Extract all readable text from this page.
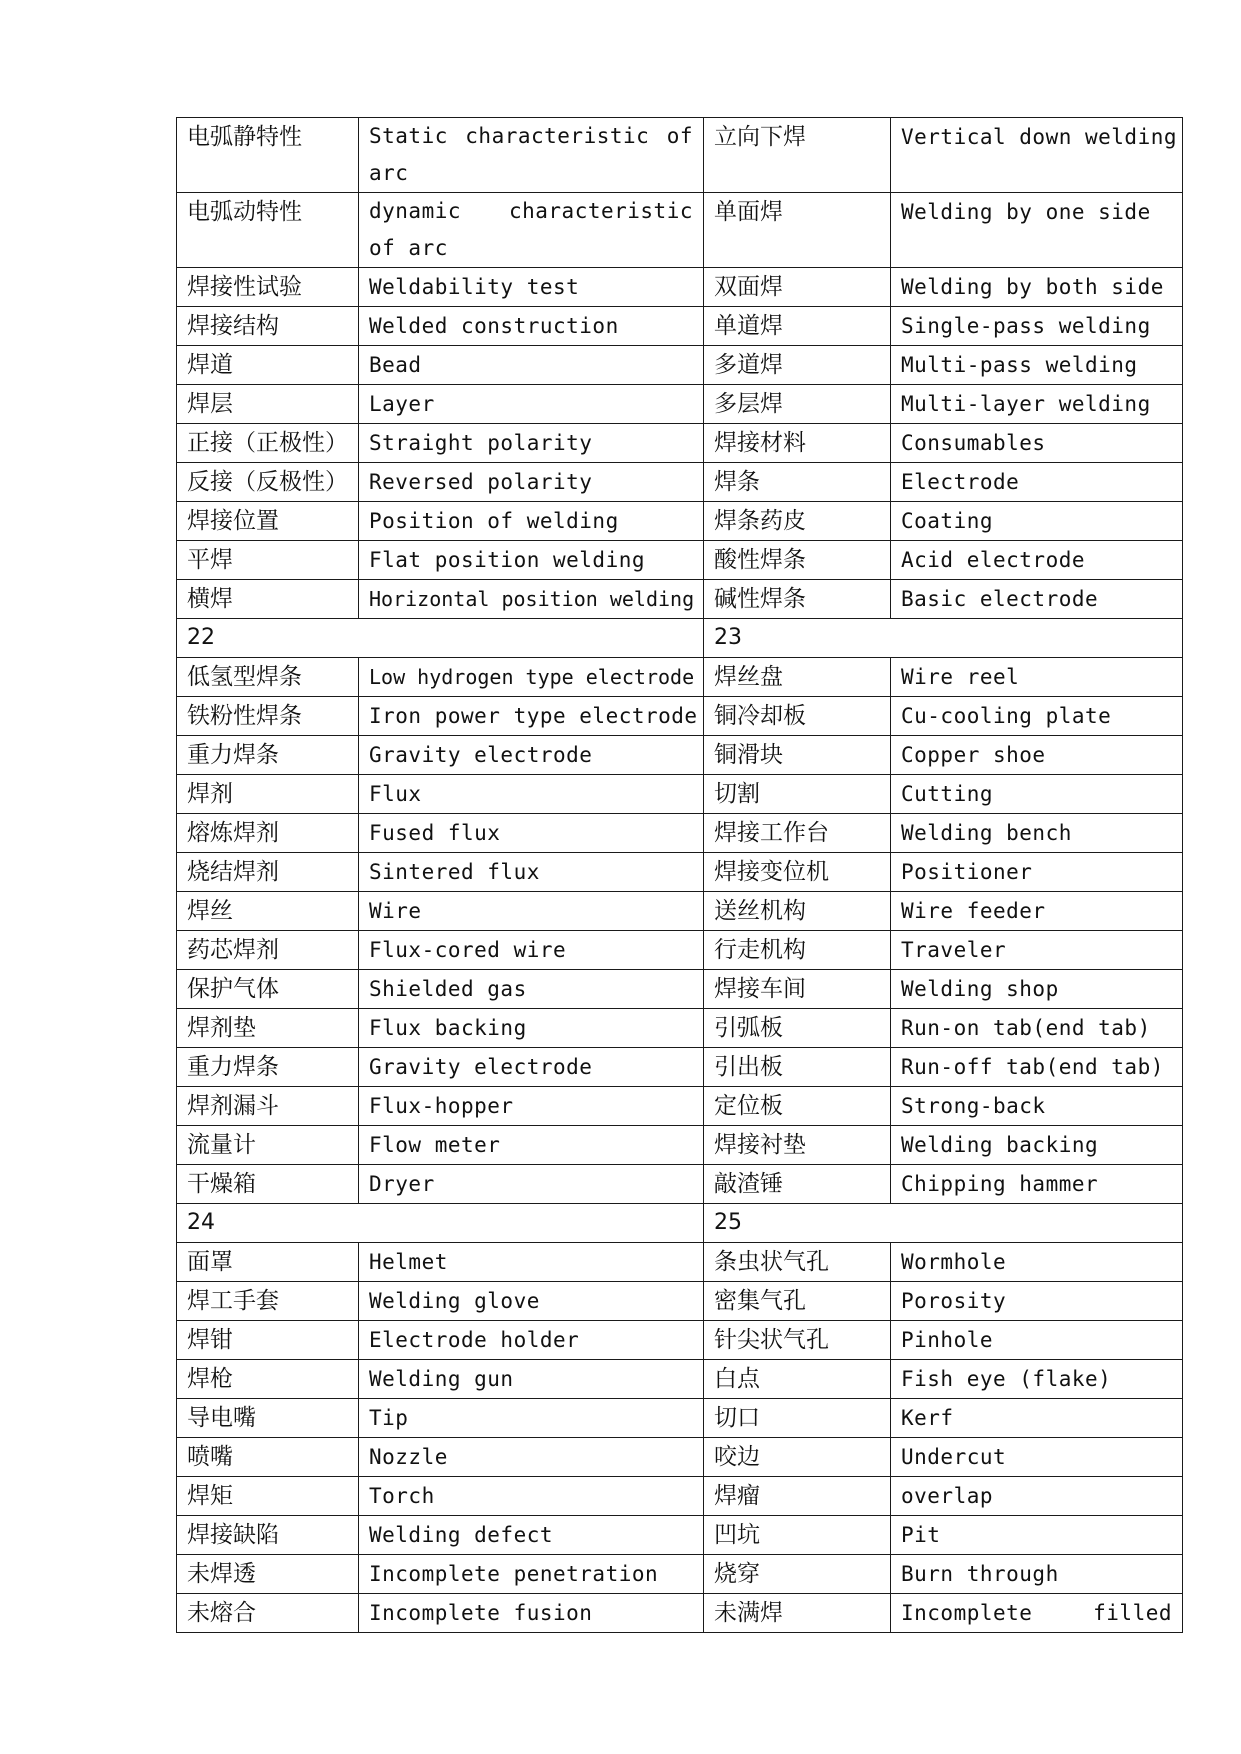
电弧静特性	Static characteristic of arc	立向下焊	Vertical down welding
电弧动特性	dynamic characteristic of arc	单面焊	Welding by one side
焊接性试验	Weldability test	双面焊	Welding by both side
焊接结构	Welded construction	单道焊	Single-pass welding
焊道	Bead	多道焊	Multi-pass welding
焊层	Layer	多层焊	Multi-layer welding
正接（正极性）	Straight polarity	焊接材料	Consumables
反接（反极性）	Reversed polarity	焊条	Electrode
焊接位置	Position of welding	焊条药皮	Coating
平焊	Flat position welding	酸性焊条	Acid electrode
横焊	Horizontal position welding	碱性焊条	Basic electrode
22		23	
低氢型焊条	Low hydrogen type electrode	焊丝盘	Wire reel
铁粉性焊条	Iron power type electrode	铜冷却板	Cu-cooling plate
重力焊条	Gravity electrode	铜滑块	Copper shoe
焊剂	Flux	切割	Cutting
熔炼焊剂	Fused flux	焊接工作台	Welding bench
烧结焊剂	Sintered flux	焊接变位机	Positioner
焊丝	Wire	送丝机构	Wire feeder
药芯焊剂	Flux-cored wire	行走机构	Traveler
保护气体	Shielded gas	焊接车间	Welding shop
焊剂垫	Flux backing	引弧板	Run-on tab(end tab)
重力焊条	Gravity electrode	引出板	Run-off tab(end tab)
焊剂漏斗	Flux-hopper	定位板	Strong-back
流量计	Flow meter	焊接衬垫	Welding backing
干燥箱	Dryer	敲渣锤	Chipping hammer
24		25	
面罩	Helmet	条虫状气孔	Wormhole
焊工手套	Welding glove	密集气孔	Porosity
焊钳	Electrode holder	针尖状气孔	Pinhole
焊枪	Welding gun	白点	Fish eye (flake)
导电嘴	Tip	切口	Kerf
喷嘴	Nozzle	咬边	Undercut
焊矩	Torch	焊瘤	overlap
焊接缺陷	Welding defect	凹坑	Pit
未焊透	Incomplete penetration	烧穿	Burn through
未熔合	Incomplete fusion	未满焊	Incomplete filled
